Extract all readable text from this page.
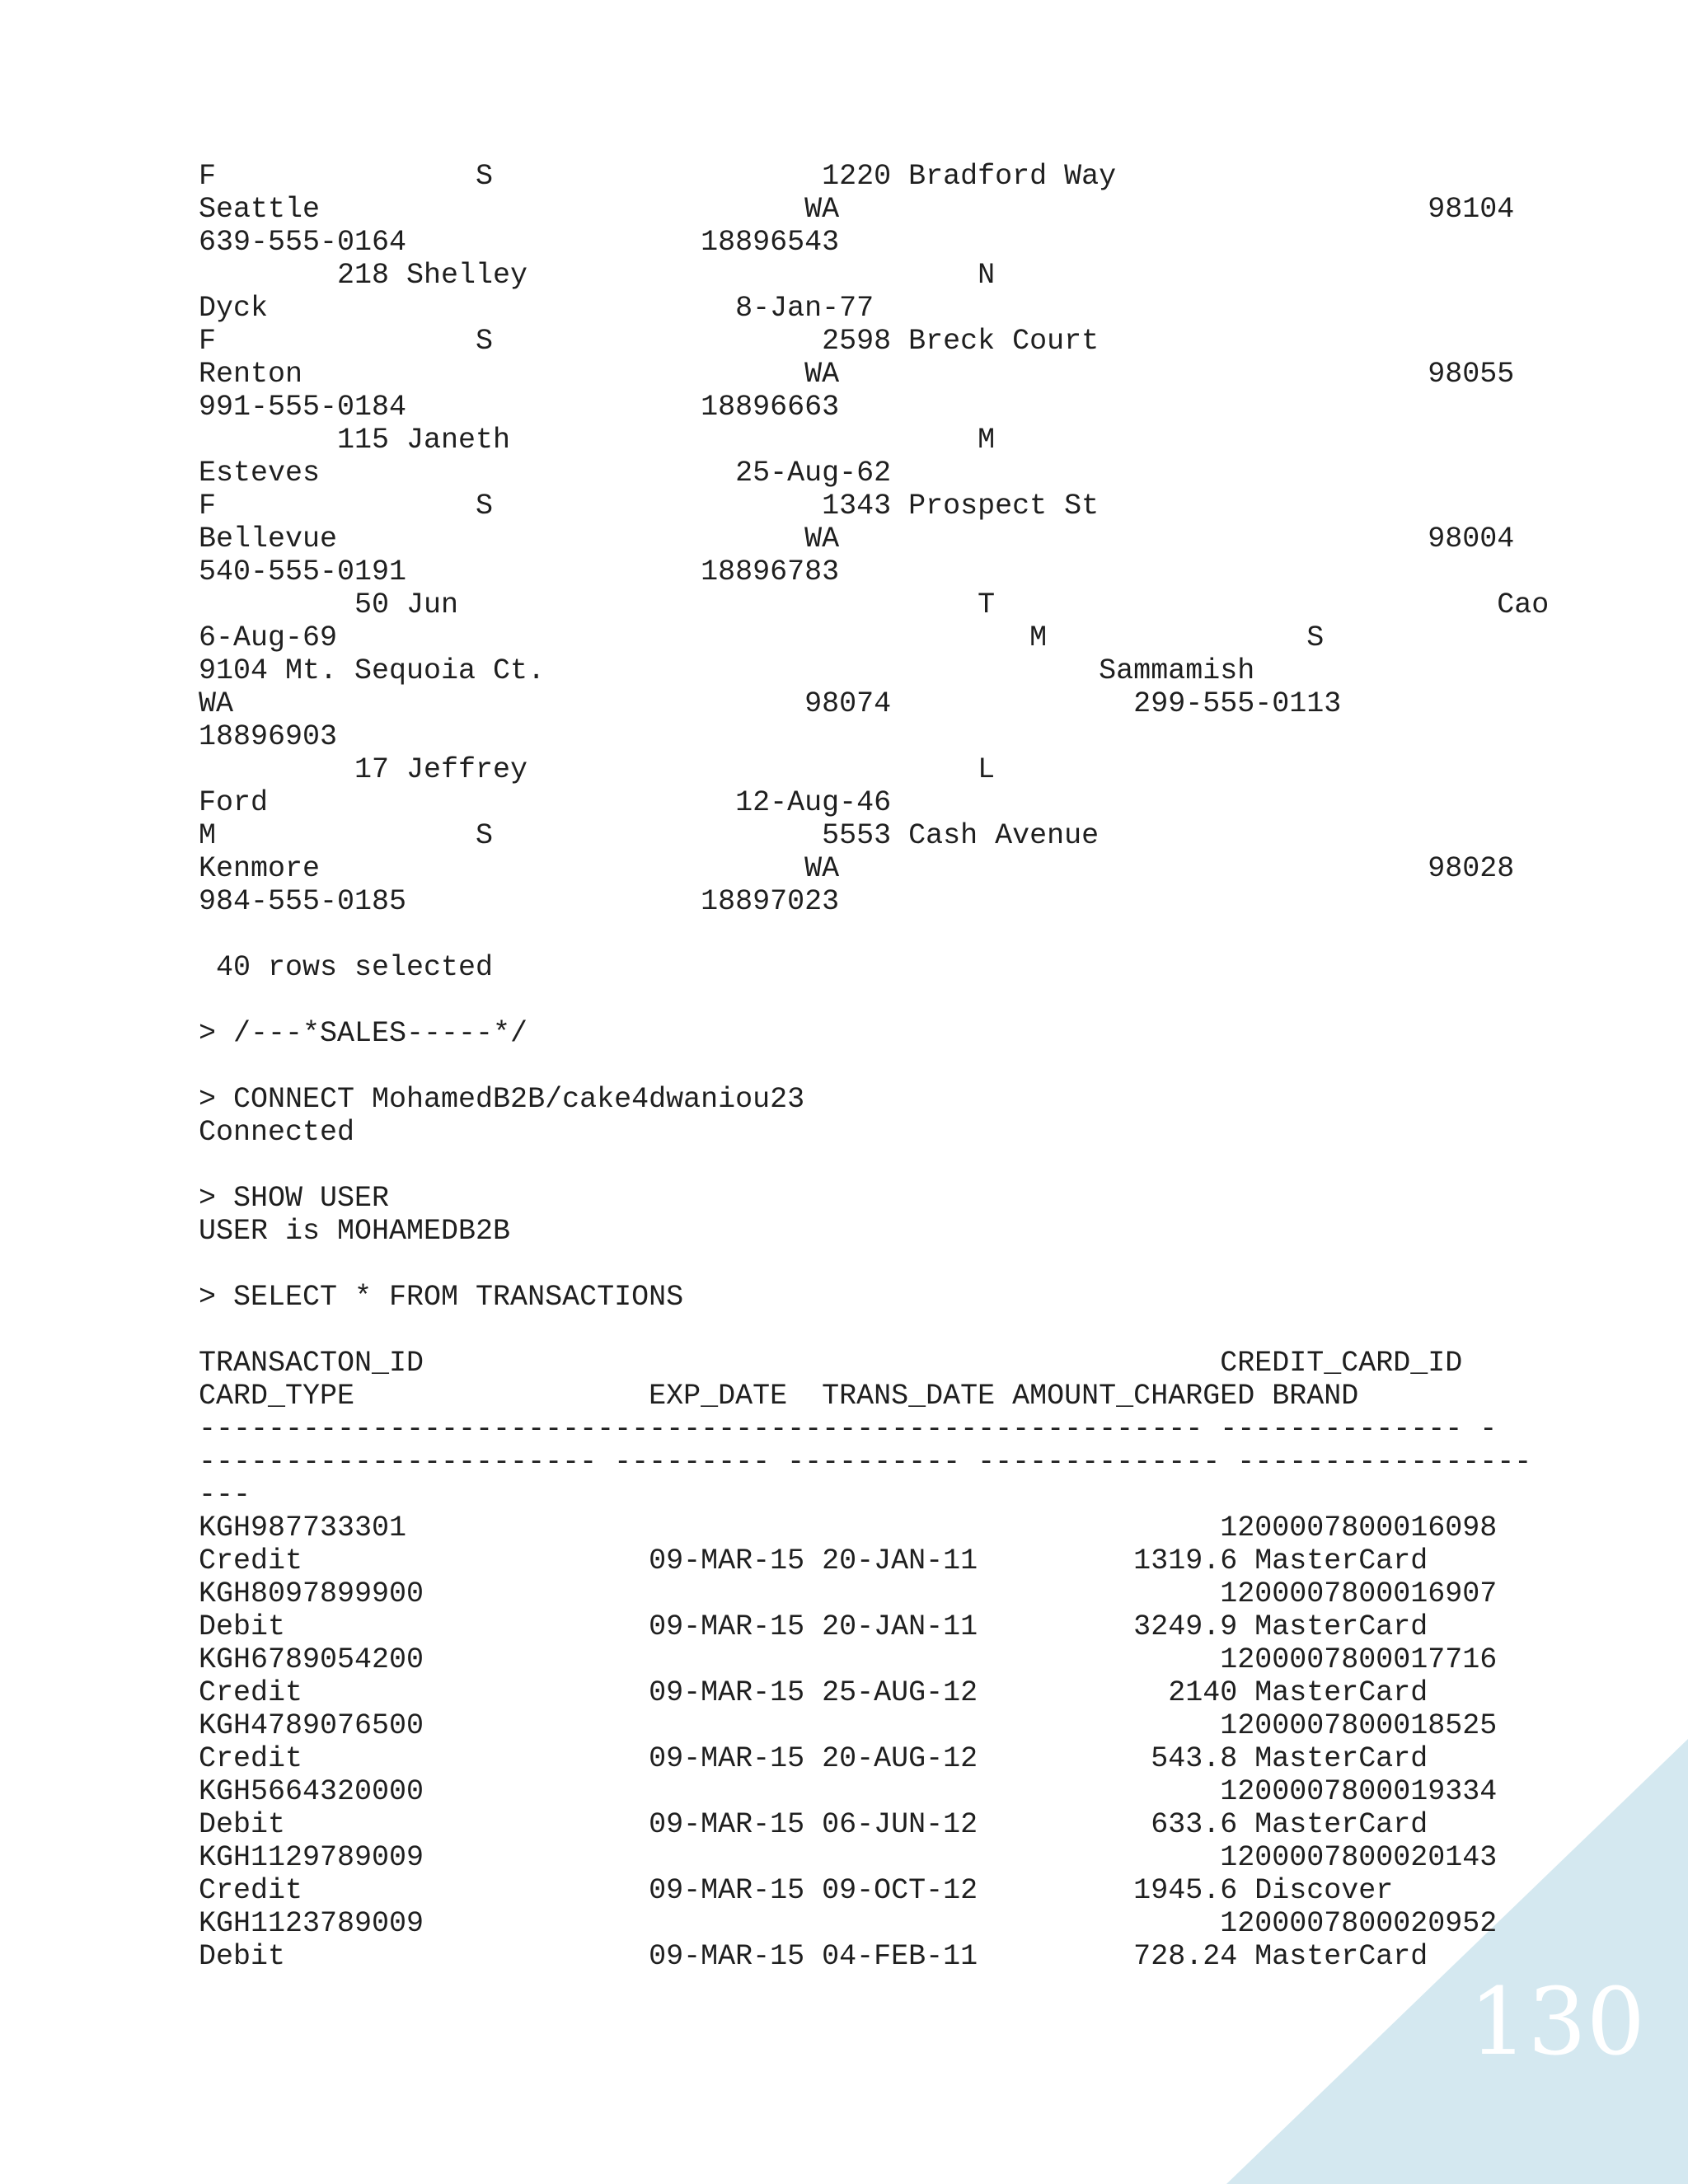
F               S                   1220 Bradford Way
Seattle                            WA                                  98104
639-555-0164                 18896543
218 Shelley                          N
Dyck                           8-Jan-77
F               S                   2598 Breck Court
Renton                             WA                                  98055
991-555-0184                 18896663
115 Janeth                           M
Esteves                        25-Aug-62
F               S                   1343 Prospect St
Bellevue                           WA                                  98004
540-555-0191                 18896783
50 Jun                              T                             Cao
6-Aug-69                                        M               S
9104 Mt. Sequoia Ct.                                Sammamish
WA                                 98074              299-555-0113
18896903
17 Jeffrey                          L
Ford                           12-Aug-46
M               S                   5553 Cash Avenue
Kenmore                            WA                                  98028
984-555-0185                 18897023
40 rows selected
> /---*SALES-----*/
> CONNECT MohamedB2B/cake4dwaniou23
Connected
> SHOW USER
USER is MOHAMEDB2B
> SELECT * FROM TRANSACTIONS
TRANSACTON_ID                                              CREDIT_CARD_ID
CARD_TYPE                 EXP_DATE  TRANS_DATE AMOUNT_CHARGED BRAND
---------------------------------------------------------- -------------- -
----------------------- --------- ---------- -------------- -----------------
---
KGH987733301                                               1200007800016098
Credit                    09-MAR-15 20-JAN-11         1319.6 MasterCard
KGH8097899900                                              1200007800016907
Debit                     09-MAR-15 20-JAN-11         3249.9 MasterCard
KGH6789054200                                              1200007800017716
Credit                    09-MAR-15 25-AUG-12           2140 MasterCard
KGH4789076500                                              1200007800018525
Credit                    09-MAR-15 20-AUG-12          543.8 MasterCard
KGH5664320000                                              1200007800019334
Debit                     09-MAR-15 06-JUN-12          633.6 MasterCard
KGH1129789009                                              1200007800020143
Credit                    09-MAR-15 09-OCT-12         1945.6 Discover
KGH1123789009                                              1200007800020952
Debit                     09-MAR-15 04-FEB-11         728.24 MasterCard
130
